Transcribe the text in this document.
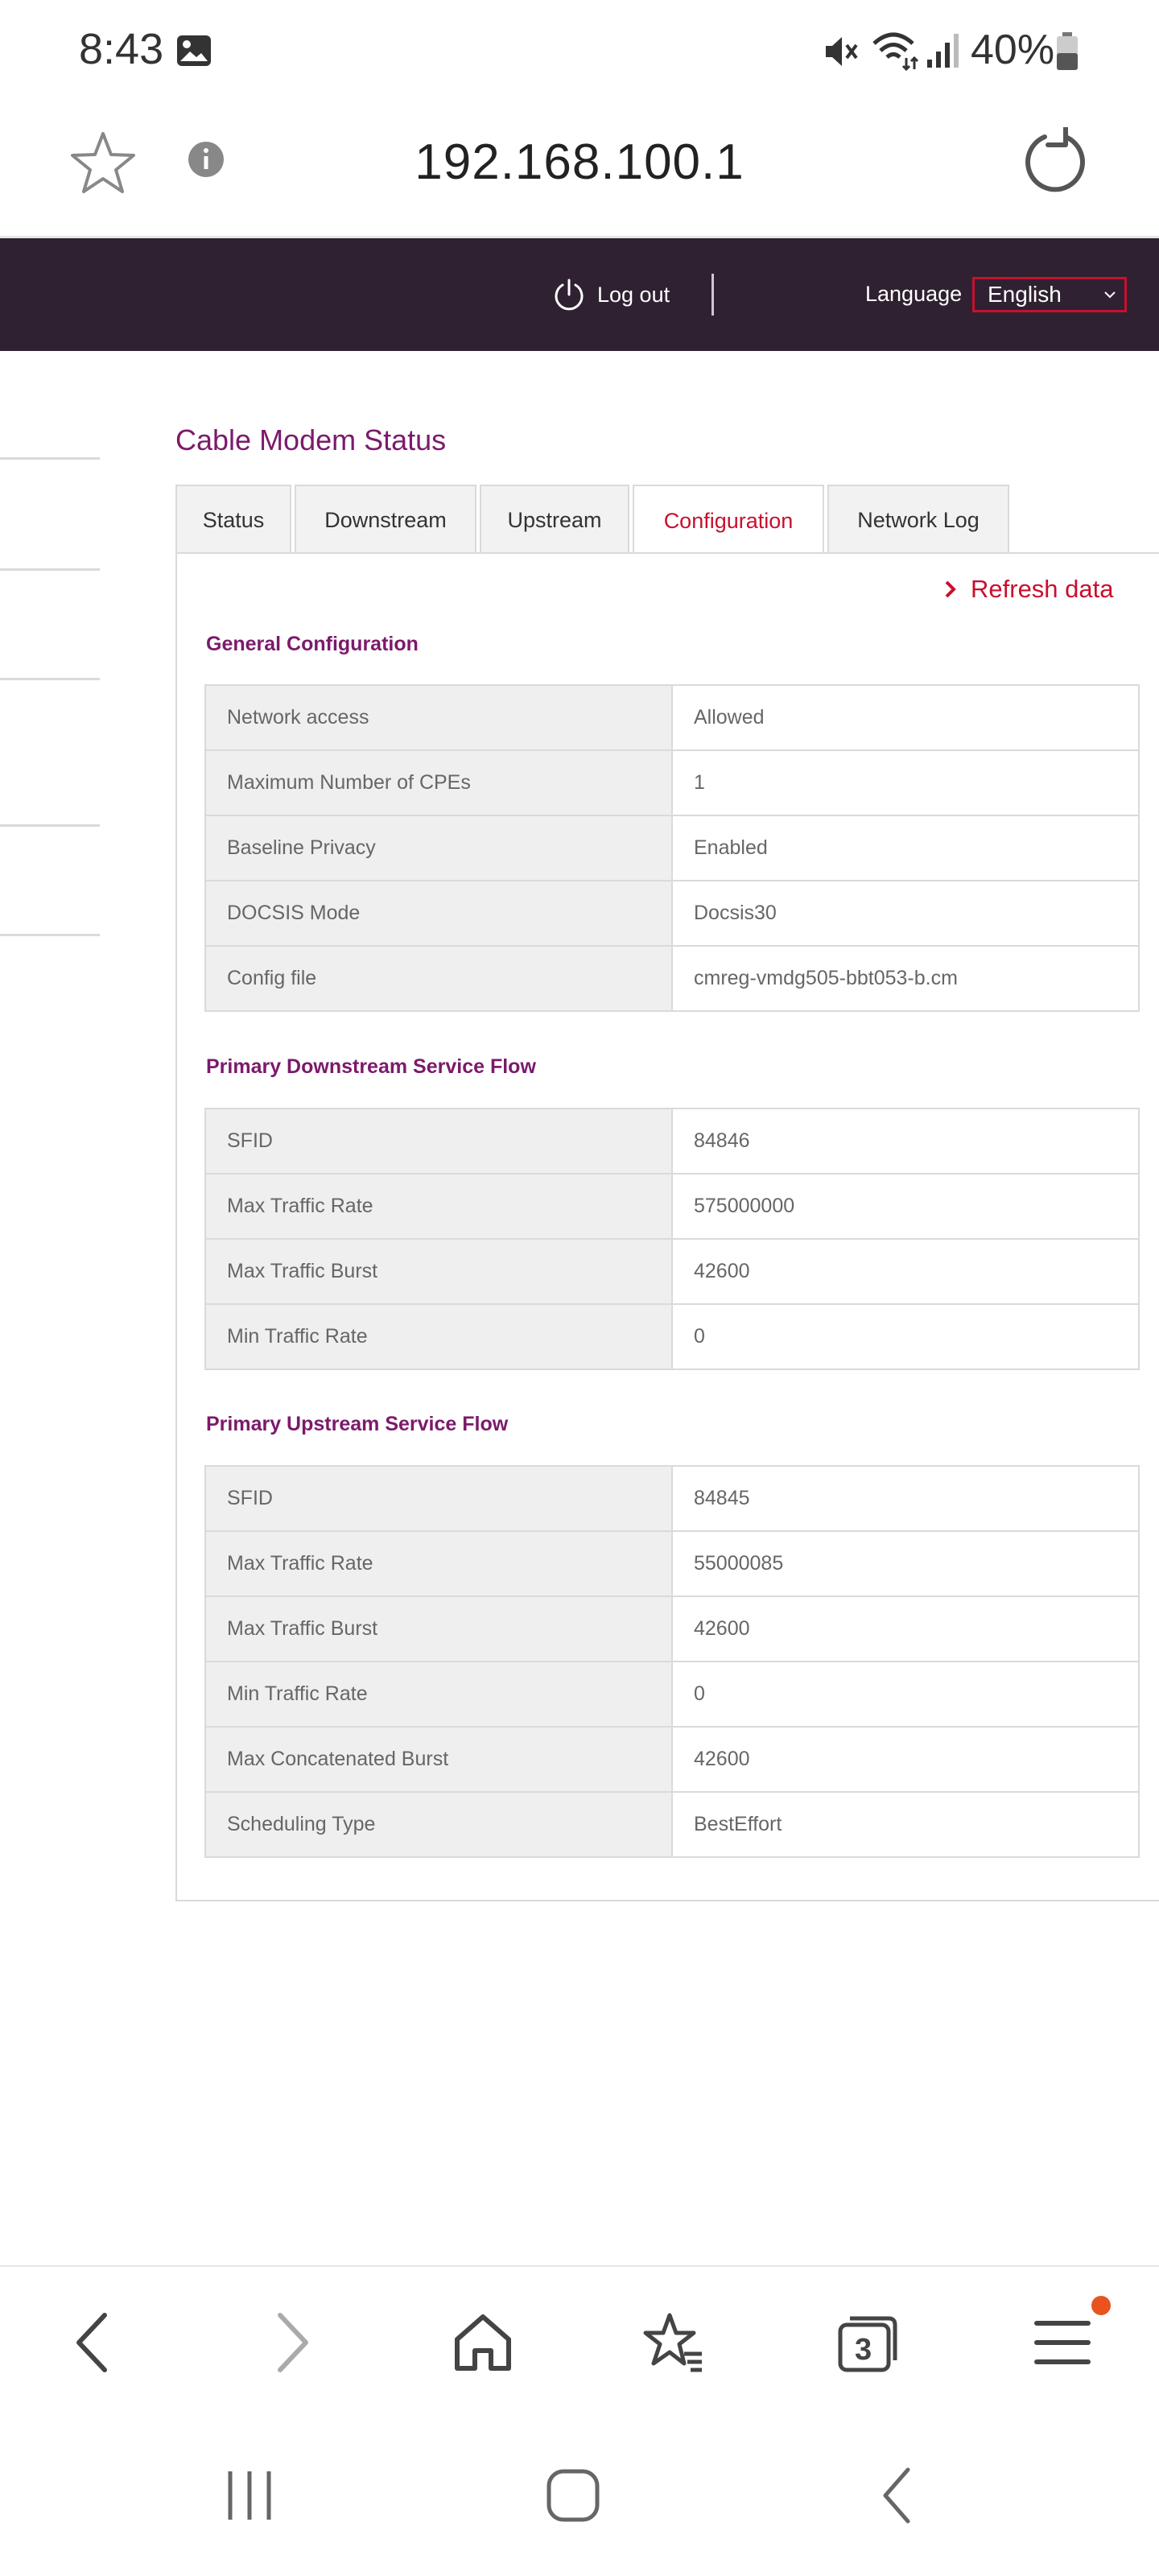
8:43	40%
192.168.100.1
Log out	Language	English
Cable Modem Status
Status	Downstream	Upstream	Configuration	Network Log
Refresh data
General Configuration
Network access	Allowed
Maximum Number of CPEs	1
Baseline Privacy	Enabled
DOCSIS Mode	Docsis30
Config file	cmreg-vmdg505-bbt053-b.cm
Primary Downstream Service Flow
SFID	84846
Max Traffic Rate	575000000
Max Traffic Burst	42600
Min Traffic Rate	0
Primary Upstream Service Flow
SFID	84845
Max Traffic Rate	55000085
Max Traffic Burst	42600
Min Traffic Rate	0
Max Concatenated Burst	42600
Scheduling Type	BestEffort
3
